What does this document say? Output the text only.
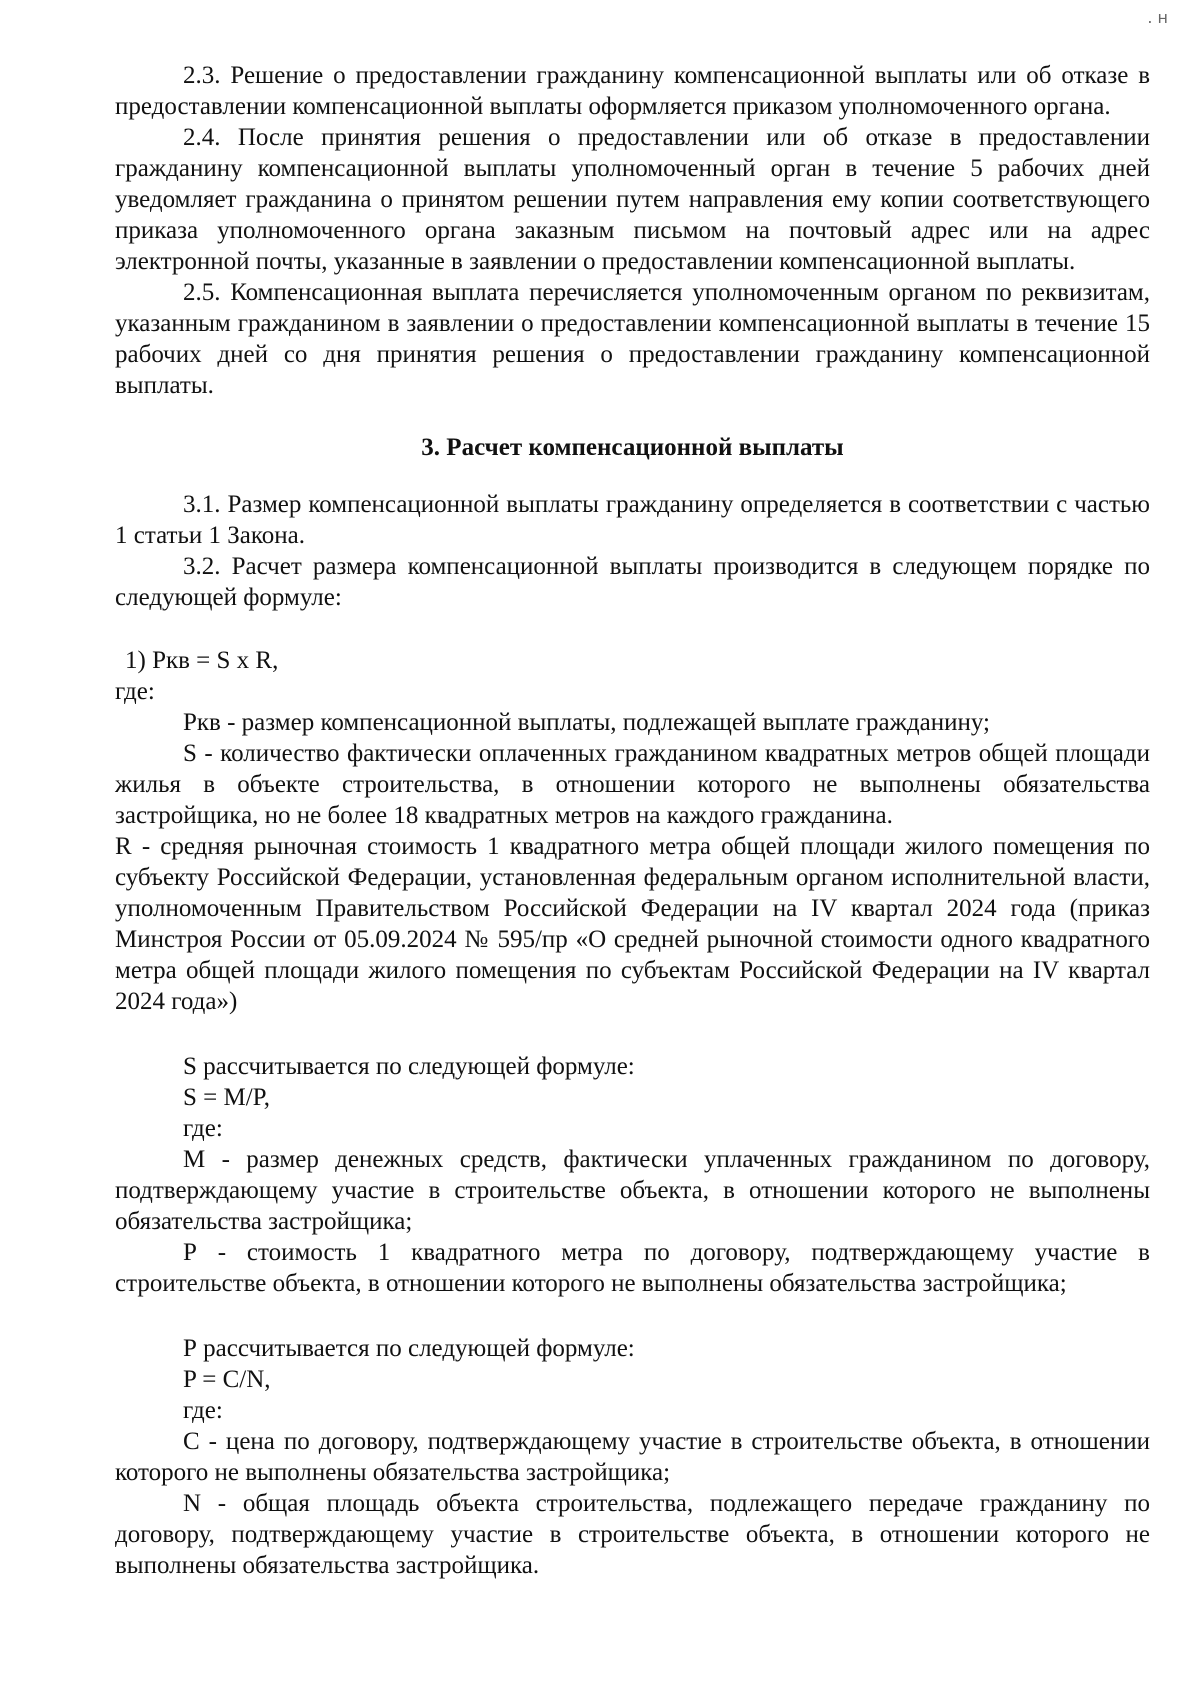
. н

2.3. Решение о предоставлении гражданину компенсационной выплаты или об отказе в предоставлении компенсационной выплаты оформляется приказом уполномоченного органа.

2.4. После принятия решения о предоставлении или об отказе в предоставлении гражданину компенсационной выплаты уполномоченный орган в течение 5 рабочих дней уведомляет гражданина о принятом решении путем направления ему копии соответствующего приказа уполномоченного органа заказным письмом на почтовый адрес или на адрес электронной почты, указанные в заявлении о предоставлении компенсационной выплаты.

2.5. Компенсационная выплата перечисляется уполномоченным органом по реквизитам, указанным гражданином в заявлении о предоставлении компенсационной выплаты в течение 15 рабочих дней со дня принятия решения о предоставлении гражданину компенсационной выплаты.

3. Расчет компенсационной выплаты

3.1. Размер компенсационной выплаты гражданину определяется в соответствии с частью 1 статьи 1 Закона.

3.2. Расчет размера компенсационной выплаты производится в следующем порядке по следующей формуле:

1) Ркв = S x R,

где:

Ркв - размер компенсационной выплаты, подлежащей выплате гражданину;

S - количество фактически оплаченных гражданином квадратных метров общей площади жилья в объекте строительства, в отношении которого не выполнены обязательства застройщика, но не более 18 квадратных метров на каждого гражданина.

R - средняя рыночная стоимость 1 квадратного метра общей площади жилого помещения по субъекту Российской Федерации, установленная федеральным органом исполнительной власти, уполномоченным Правительством Российской Федерации на IV квартал 2024 года (приказ Минстроя России от 05.09.2024 № 595/пр «О средней рыночной стоимости одного квадратного метра общей площади жилого помещения по субъектам Российской Федерации на IV квартал 2024 года»)

S рассчитывается по следующей формуле:

S = M/P,

где:

М - размер денежных средств, фактически уплаченных гражданином по договору, подтверждающему участие в строительстве объекта, в отношении которого не выполнены обязательства застройщика;

Р - стоимость 1 квадратного метра по договору, подтверждающему участие в строительстве объекта, в отношении которого не выполнены обязательства застройщика;

Р рассчитывается по следующей формуле:

P = C/N,

где:

С - цена по договору, подтверждающему участие в строительстве объекта, в отношении которого не выполнены обязательства застройщика;

N - общая площадь объекта строительства, подлежащего передаче гражданину по договору, подтверждающему участие в строительстве объекта, в отношении которого не выполнены обязательства застройщика.
